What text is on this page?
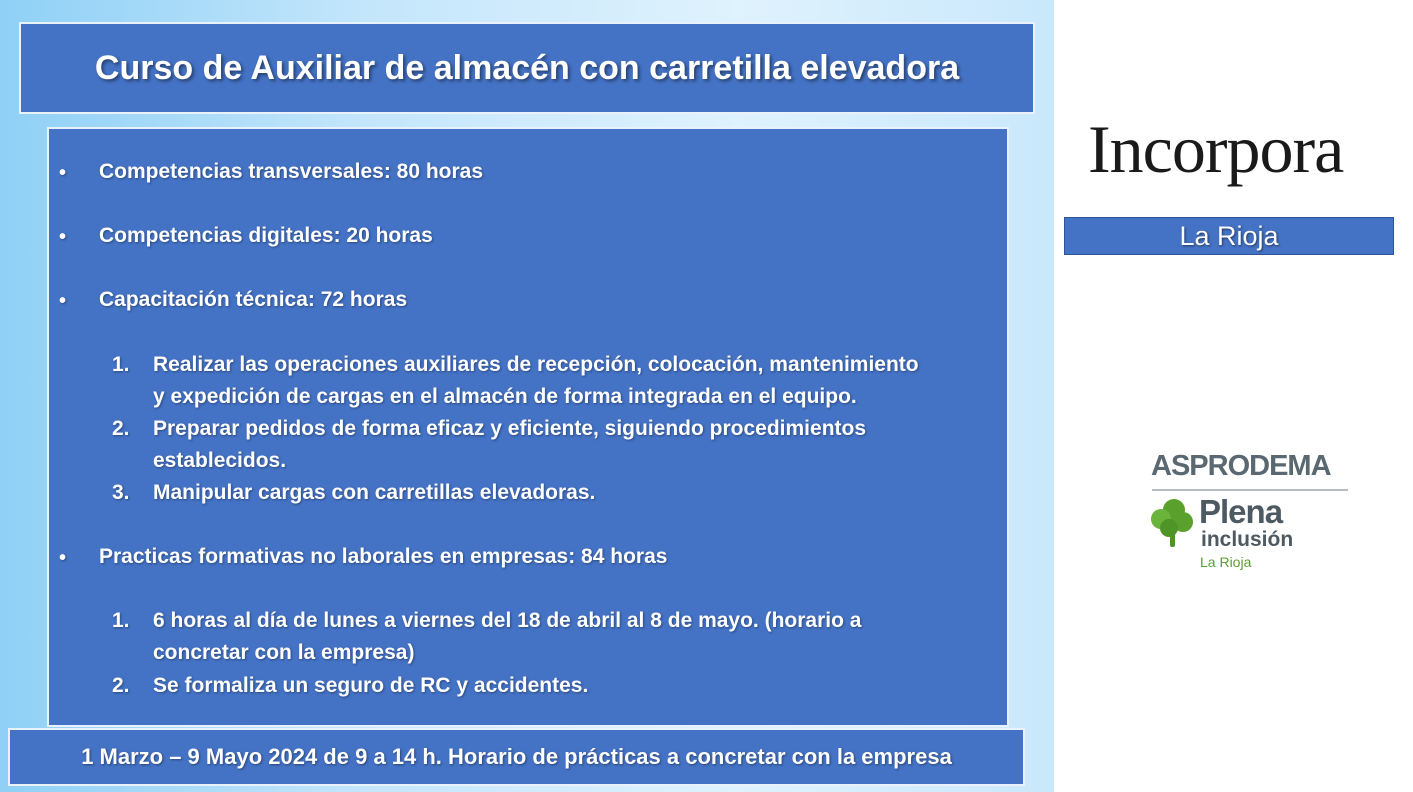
Curso de Auxiliar de almacén con carretilla elevadora
• Competencias transversales: 80 horas
• Competencias digitales: 20 horas
• Capacitación técnica: 72 horas
1. Realizar las operaciones auxiliares de recepción, colocación, mantenimiento
y expedición de cargas en el almacén de forma integrada en el equipo.
2. Preparar pedidos de forma eficaz y eficiente, siguiendo procedimientos
establecidos.
3. Manipular cargas con carretillas elevadoras.
• Practicas formativas no laborales en empresas: 84 horas
1. 6 horas al día de lunes a viernes del 18 de abril al 8 de mayo. (horario a
concretar con la empresa)
2. Se formaliza un seguro de RC y accidentes.
1 Marzo – 9 Mayo 2024 de 9 a 14 h. Horario de prácticas a concretar con la empresa
Incorpora
La Rioja
ASPRODEMA
Plena
inclusión
La Rioja
